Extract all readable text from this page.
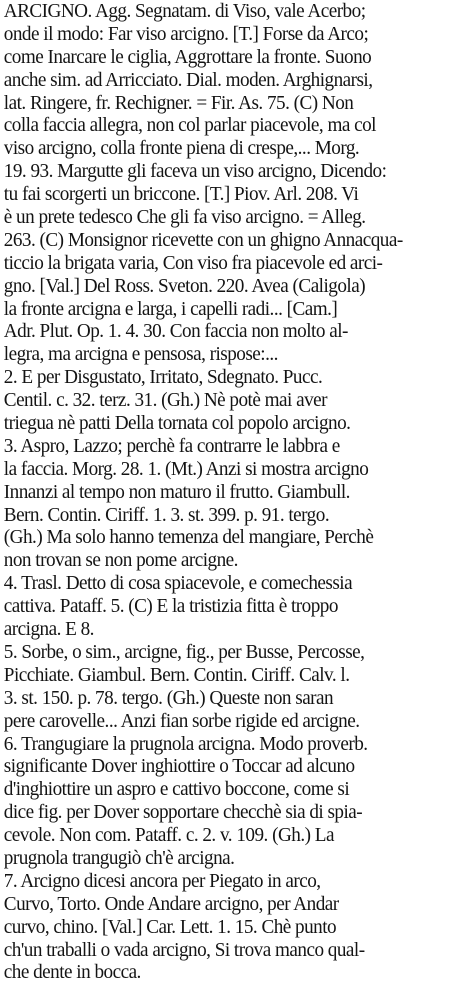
ARCIGNO. Agg. Segnatam. di Viso, vale Acerbo;
onde il modo: Far viso arcigno. [T.] Forse da Arco;
come Inarcare le ciglia, Aggrottare la fronte. Suono
anche sim. ad Arricciato. Dial. moden. Arghignarsi,
lat. Ringere, fr. Rechigner. = Fir. As. 75. (C) Non
colla faccia allegra, non col parlar piacevole, ma col
viso arcigno, colla fronte piena di crespe,... Morg.
19. 93. Margutte gli faceva un viso arcigno, Dicendo:
tu fai scorgerti un briccone. [T.] Piov. Arl. 208. Vi
è un prete tedesco Che gli fa viso arcigno. = Alleg.
263. (C) Monsignor ricevette con un ghigno Annacqua-
ticcio la brigata varia, Con viso fra piacevole ed arci-
gno. [Val.] Del Ross. Sveton. 220. Avea (Caligola)
la fronte arcigna e larga, i capelli radi... [Cam.]
Adr. Plut. Op. 1. 4. 30. Con faccia non molto al-
legra, ma arcigna e pensosa, rispose:...
2. E per Disgustato, Irritato, Sdegnato. Pucc.
Centil. c. 32. terz. 31. (Gh.) Nè potè mai aver
triegua nè patti Della tornata col popolo arcigno.
3. Aspro, Lazzo; perchè fa contrarre le labbra e
la faccia. Morg. 28. 1. (Mt.) Anzi si mostra arcigno
Innanzi al tempo non maturo il frutto. Giambull.
Bern. Contin. Ciriff. 1. 3. st. 399. p. 91. tergo.
(Gh.) Ma solo hanno temenza del mangiare, Perchè
non trovan se non pome arcigne.
4. Trasl. Detto di cosa spiacevole, e comechessia
cattiva. Pataff. 5. (C) E la tristizia fitta è troppo
arcigna. E 8.
5. Sorbe, o sim., arcigne, fig., per Busse, Percosse,
Picchiate. Giambul. Bern. Contin. Ciriff. Calv. l.
3. st. 150. p. 78. tergo. (Gh.) Queste non saran
pere carovelle... Anzi fian sorbe rigide ed arcigne.
6. Trangugiare la prugnola arcigna. Modo proverb.
significante Dover inghiottire o Toccar ad alcuno
d'inghiottire un aspro e cattivo boccone, come si
dice fig. per Dover sopportare checchè sia di spia-
cevole. Non com. Pataff. c. 2. v. 109. (Gh.) La
prugnola trangugiò ch'è arcigna.
7. Arcigno dicesi ancora per Piegato in arco,
Curvo, Torto. Onde Andare arcigno, per Andar
curvo, chino. [Val.] Car. Lett. 1. 15. Chè punto
ch'un traballi o vada arcigno, Si trova manco qual-
che dente in bocca.
